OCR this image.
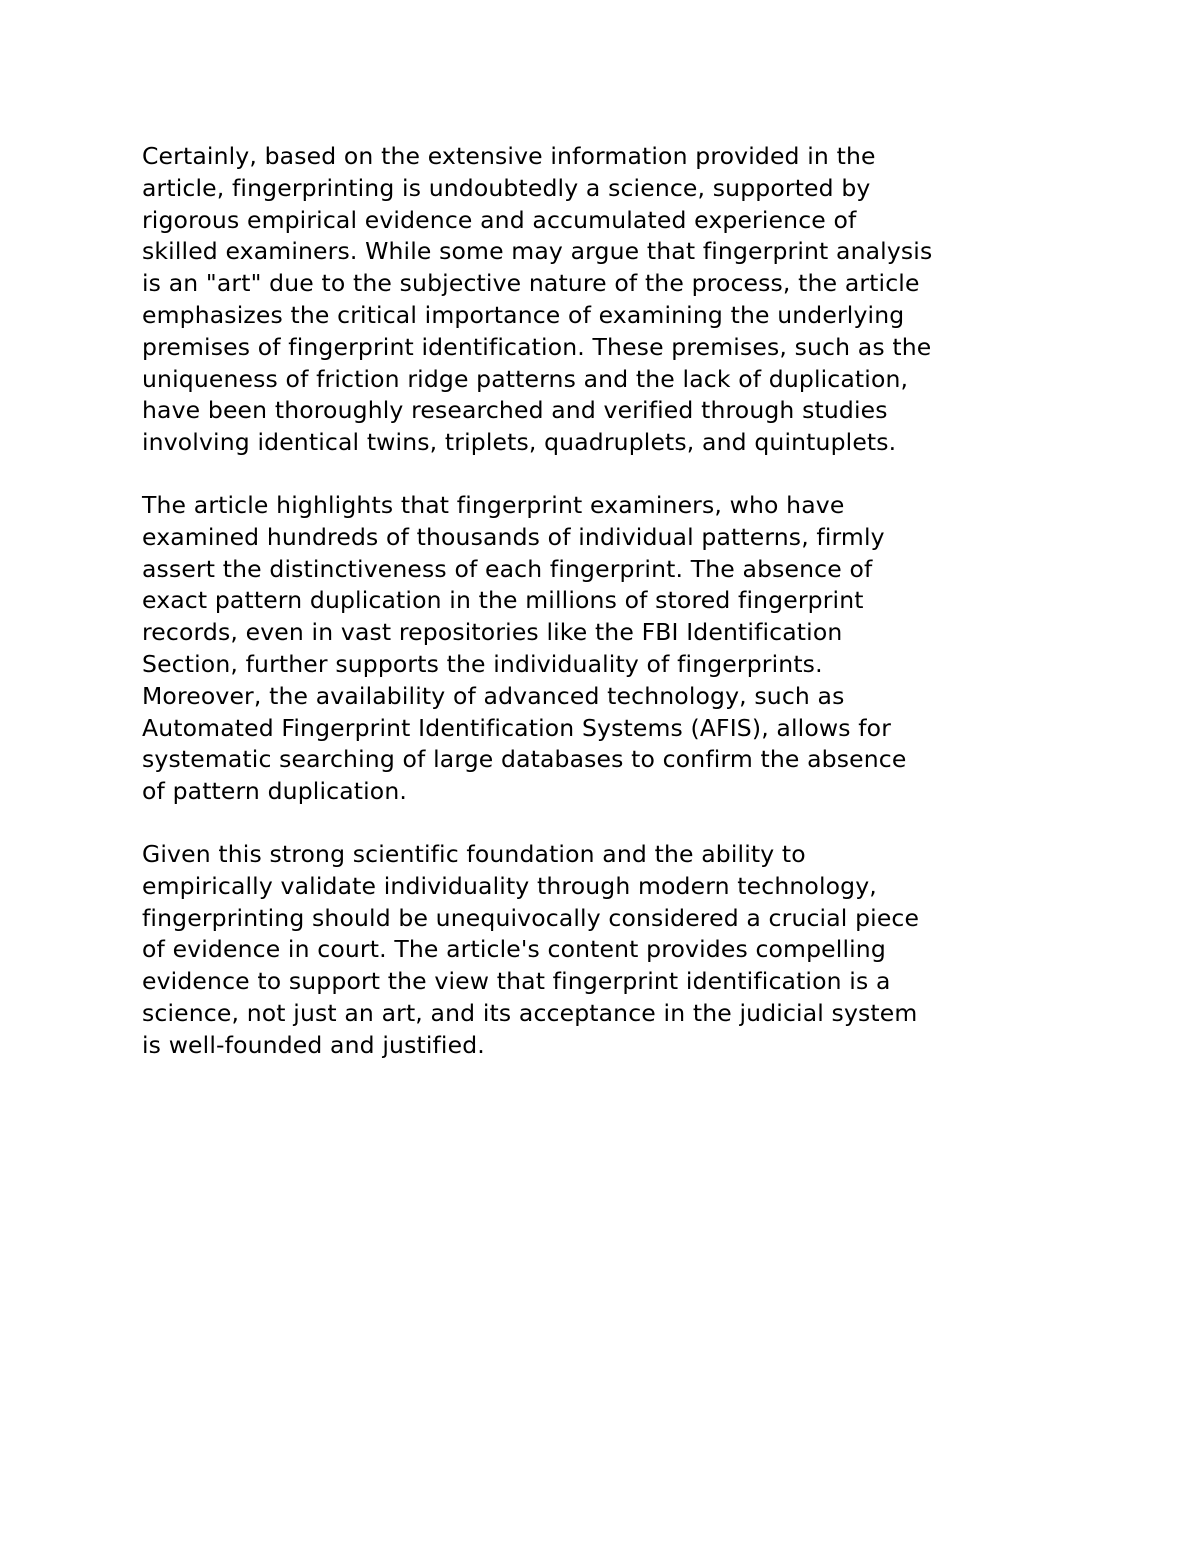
Certainly, based on the extensive information provided in the
article, fingerprinting is undoubtedly a science, supported by
rigorous empirical evidence and accumulated experience of
skilled examiners. While some may argue that fingerprint analysis
is an "art" due to the subjective nature of the process, the article
emphasizes the critical importance of examining the underlying
premises of fingerprint identification. These premises, such as the
uniqueness of friction ridge patterns and the lack of duplication,
have been thoroughly researched and verified through studies
involving identical twins, triplets, quadruplets, and quintuplets.

The article highlights that fingerprint examiners, who have
examined hundreds of thousands of individual patterns, firmly
assert the distinctiveness of each fingerprint. The absence of
exact pattern duplication in the millions of stored fingerprint
records, even in vast repositories like the FBI Identification
Section, further supports the individuality of fingerprints.
Moreover, the availability of advanced technology, such as
Automated Fingerprint Identification Systems (AFIS), allows for
systematic searching of large databases to confirm the absence
of pattern duplication.

Given this strong scientific foundation and the ability to
empirically validate individuality through modern technology,
fingerprinting should be unequivocally considered a crucial piece
of evidence in court. The article's content provides compelling
evidence to support the view that fingerprint identification is a
science, not just an art, and its acceptance in the judicial system
is well-founded and justified.
